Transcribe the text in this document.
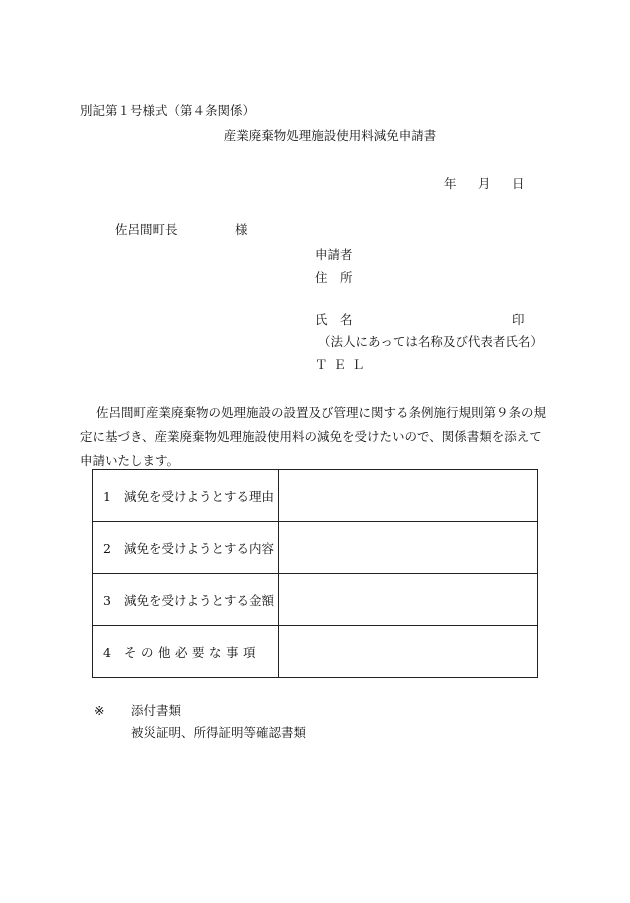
別記第１号様式（第４条関係）
産業廃棄物処理施設使用料減免申請書
年 月 日
佐呂間町長	様
申請者
住　所
氏　名	印
（法人にあっては名称及び代表者氏名）
ＴＥＬ
佐呂間町産業廃棄物の処理施設の設置及び管理に関する条例施行規則第９条の規定に基づき、産業廃棄物処理施設使用料の減免を受けたいので、関係書類を添えて申請いたします。
1 減免を受けようとする理由	
2 減免を受けようとする内容	
3 減免を受けようとする金額	
4 その他必要な事項	
※ 添付書類
被災証明、所得証明等確認書類
